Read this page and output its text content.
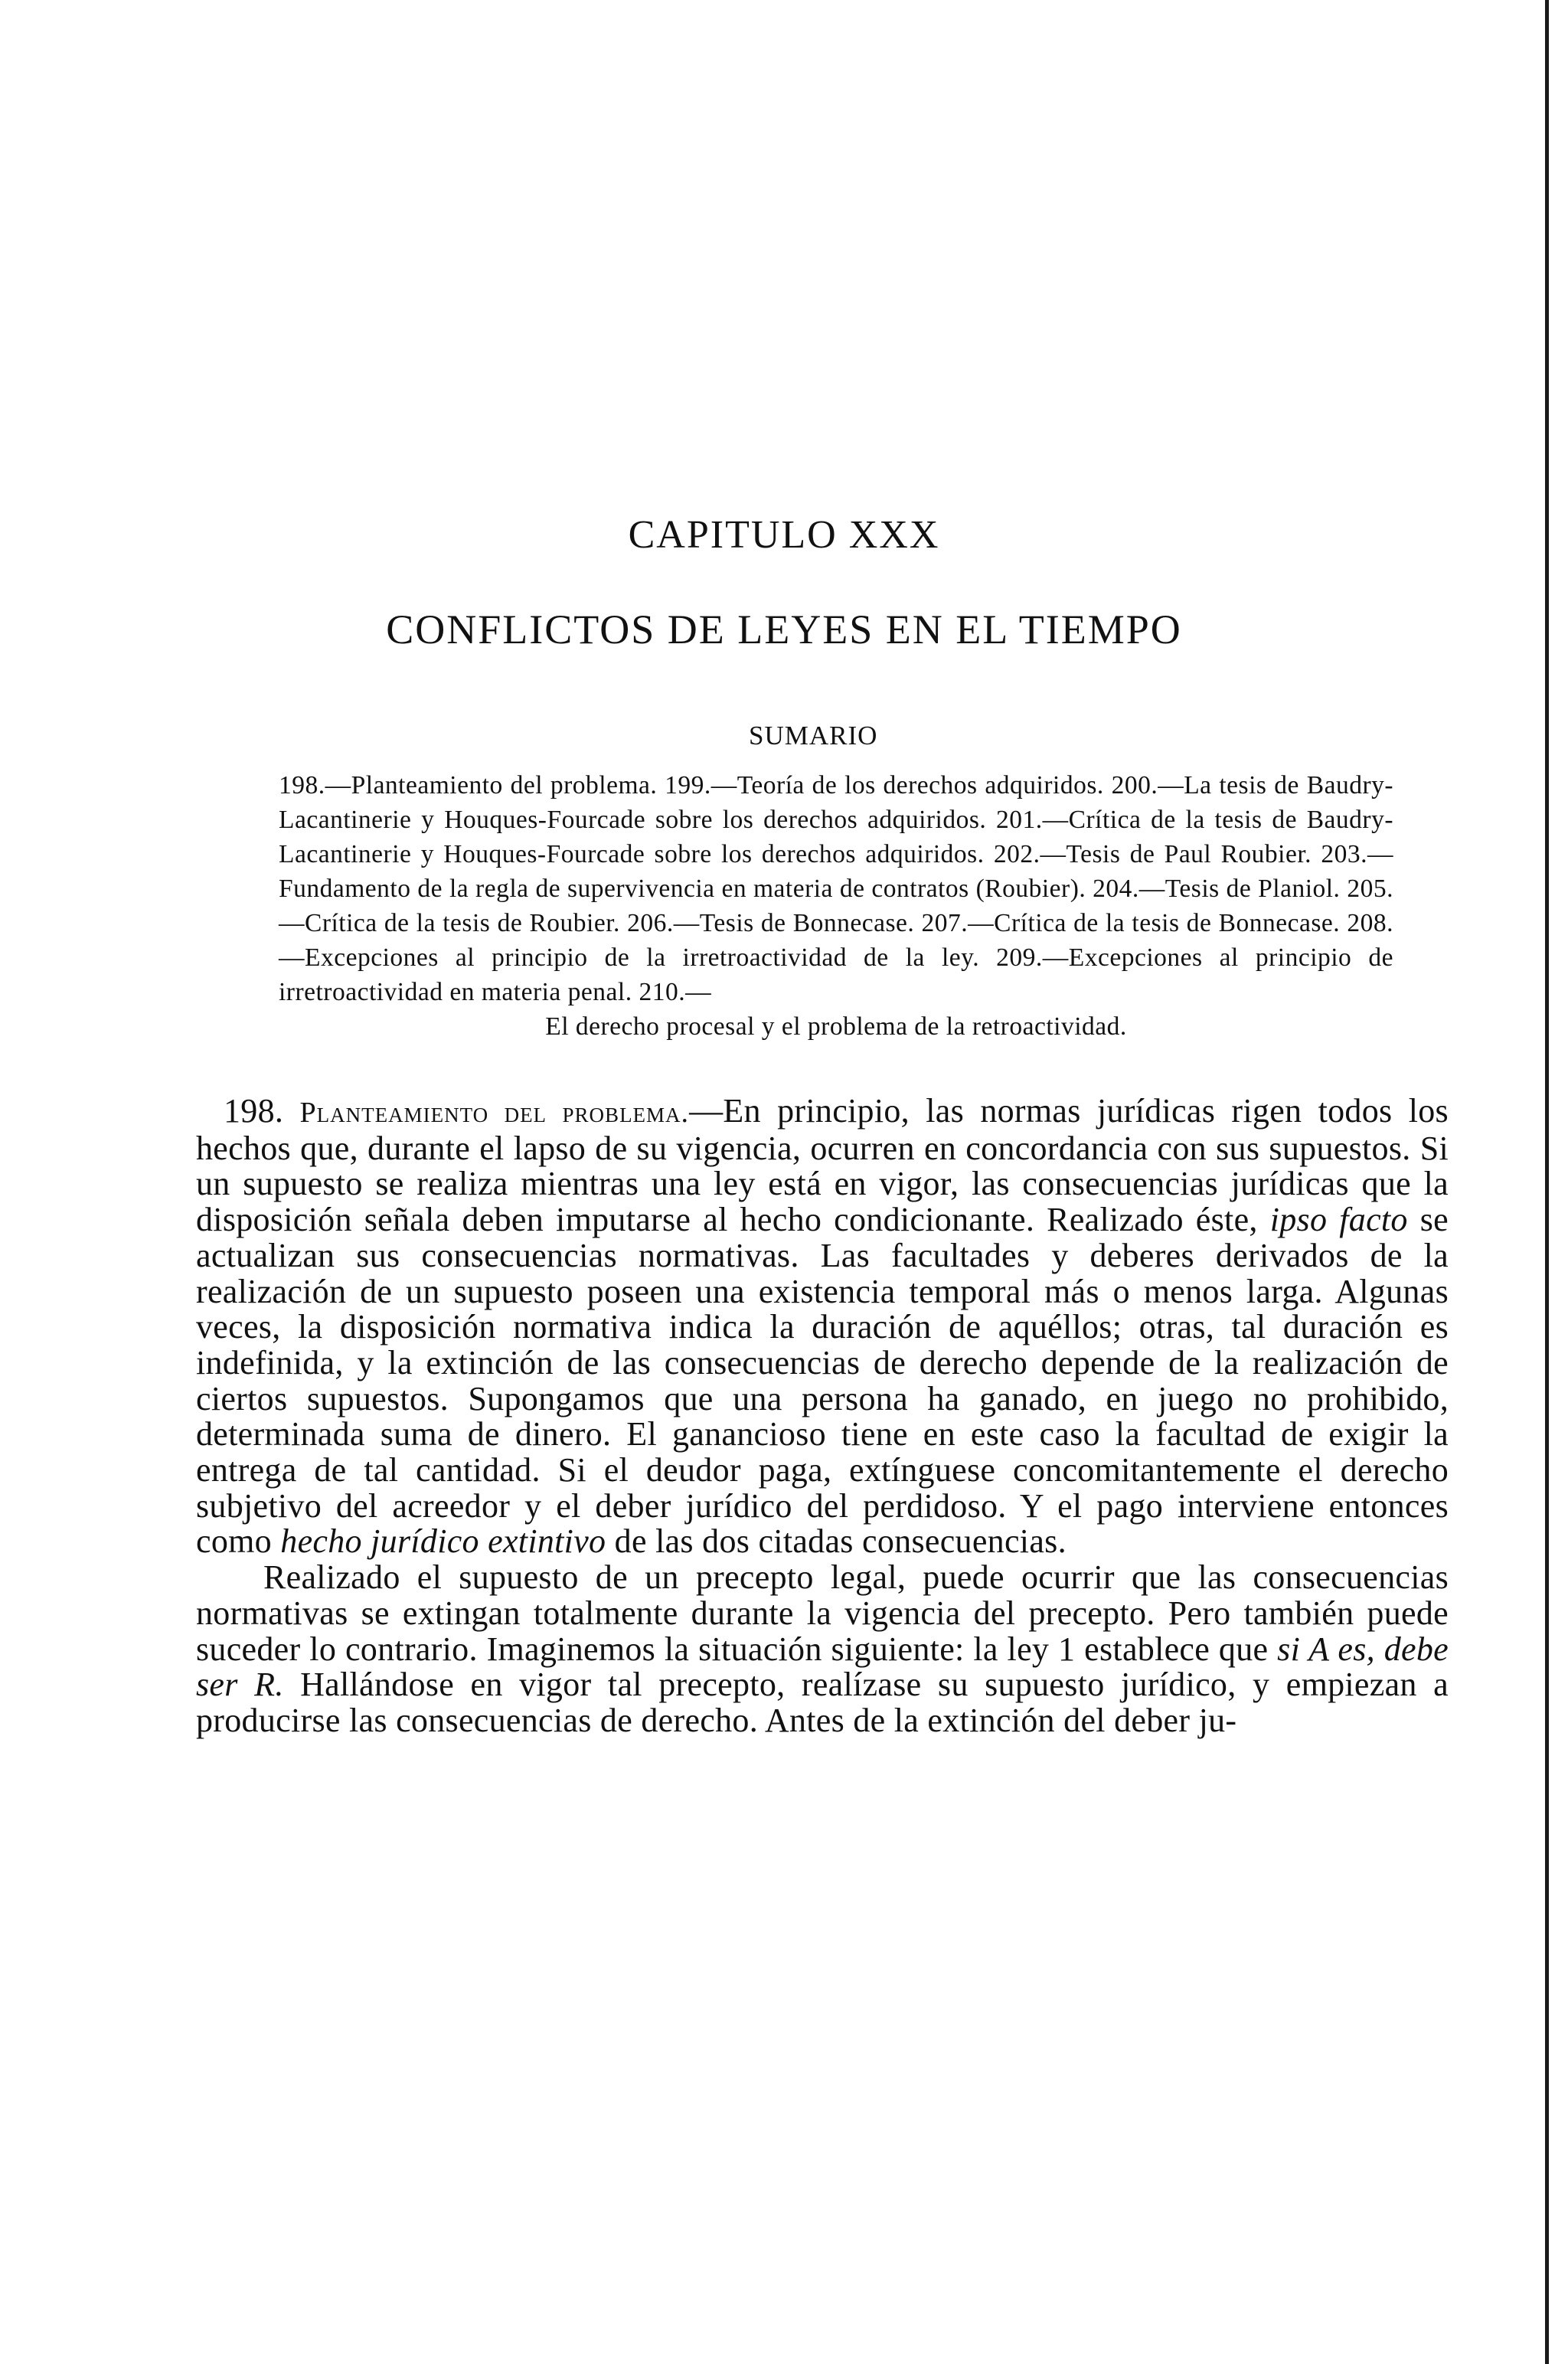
CAPITULO XXX
CONFLICTOS DE LEYES EN EL TIEMPO
SUMARIO
198.—Planteamiento del problema. 199.—Teoría de los derechos adquiridos. 200.—La tesis de Baudry-Lacantinerie y Houques-Fourcade sobre los derechos adquiridos. 201.—Crítica de la tesis de Baudry-Lacantinerie y Houques-Fourcade sobre los derechos adquiridos. 202.—Tesis de Paul Roubier. 203.—Fundamento de la regla de supervivencia en materia de contratos (Roubier). 204.—Tesis de Planiol. 205.—Crítica de la tesis de Roubier. 206.—Tesis de Bonnecase. 207.—Crítica de la tesis de Bonnecase. 208.—Excepciones al principio de la irretroactividad de la ley. 209.—Excepciones al principio de irretroactividad en materia penal. 210.—
El derecho procesal y el problema de la retroactividad.

198. Planteamiento del problema.—En principio, las normas jurídicas rigen todos los hechos que, durante el lapso de su vigencia, ocurren en concordancia con sus supuestos. Si un supuesto se realiza mientras una ley está en vigor, las consecuencias jurídicas que la disposición señala deben imputarse al hecho condicionante. Realizado éste, ipso facto se actualizan sus consecuencias normativas. Las facultades y deberes derivados de la realización de un supuesto poseen una existencia temporal más o menos larga. Algunas veces, la disposición normativa indica la duración de aquéllos; otras, tal duración es indefinida, y la extinción de las consecuencias de derecho depende de la realización de ciertos supuestos. Supongamos que una persona ha ganado, en juego no prohibido, determinada suma de dinero. El ganancioso tiene en este caso la facultad de exigir la entrega de tal cantidad. Si el deudor paga, extínguese concomitantemente el derecho subjetivo del acreedor y el deber jurídico del perdidoso. Y el pago interviene entonces como hecho jurídico extintivo de las dos citadas consecuencias.

Realizado el supuesto de un precepto legal, puede ocurrir que las consecuencias normativas se extingan totalmente durante la vigencia del precepto. Pero también puede suceder lo contrario. Imaginemos la situación siguiente: la ley 1 establece que si A es, debe ser R. Hallándose en vigor tal precepto, realízase su supuesto jurídico, y empiezan a producirse las consecuencias de derecho. Antes de la extinción del deber ju-
